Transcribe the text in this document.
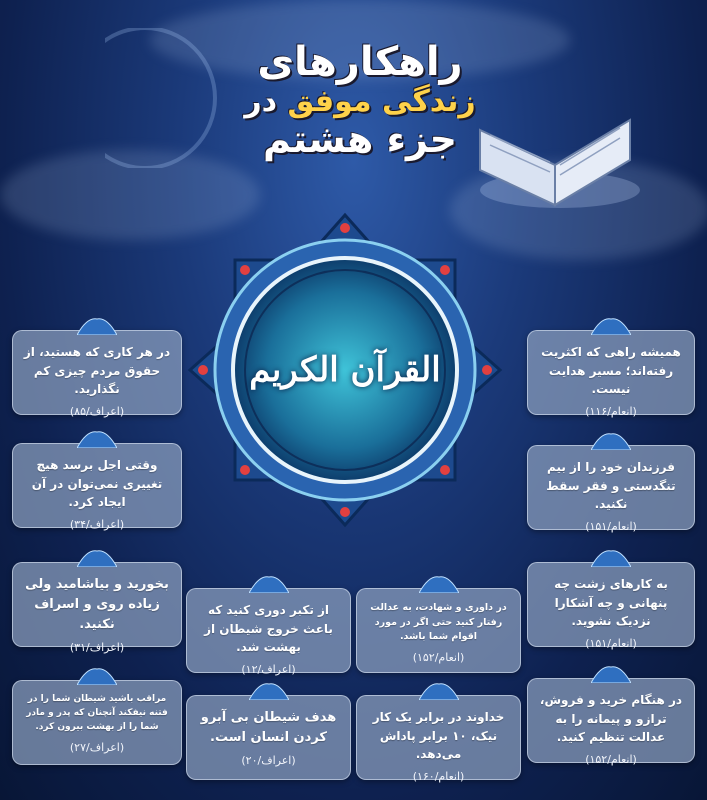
راهکارهای
زندگی موفق در
جزء هشتم
القرآن الکریم
در هر کاری که هستید، از حقوق مردم چیزی کم نگذارید.
(اعراف/۸۵)
وقتی اجل برسد هیچ تغییری نمی‌توان در آن ایجاد کرد.
(اعراف/۳۴)
بخورید و بیاشامید ولی زیاده روی و اسراف نکنید.
(اعراف/۳۱)
مراقب باشید شیطان شما را در فتنه نیفکند آنچنان که پدر و مادر شما را از بهشت بیرون کرد.
(اعراف/۲۷)
از تکبر دوری کنید که باعث خروج شیطان از بهشت شد.
(اعراف/۱۲)
هدف شیطان بی آبرو کردن انسان است.
(اعراف/۲۰)
در داوری و شهادت، به عدالت رفتار کنید حتی اگر در مورد اقوام شما باشد.
(انعام/۱۵۲)
خداوند در برابر یک کار نیک، ۱۰ برابر پاداش می‌دهد.
(انعام/۱۶۰)
همیشه راهی که اکثریت رفته‌اند؛ مسیر هدایت نیست.
(انعام/۱۱۶)
فرزندان خود را از بیم تنگدستی و فقر سقط نکنید.
(انعام/۱۵۱)
به کارهای زشت چه پنهانی و چه آشکارا نزدیک نشوید.
(انعام/۱۵۱)
در هنگام خرید و فروش، ترازو و پیمانه را به عدالت تنظیم کنید.
(انعام/۱۵۲)
